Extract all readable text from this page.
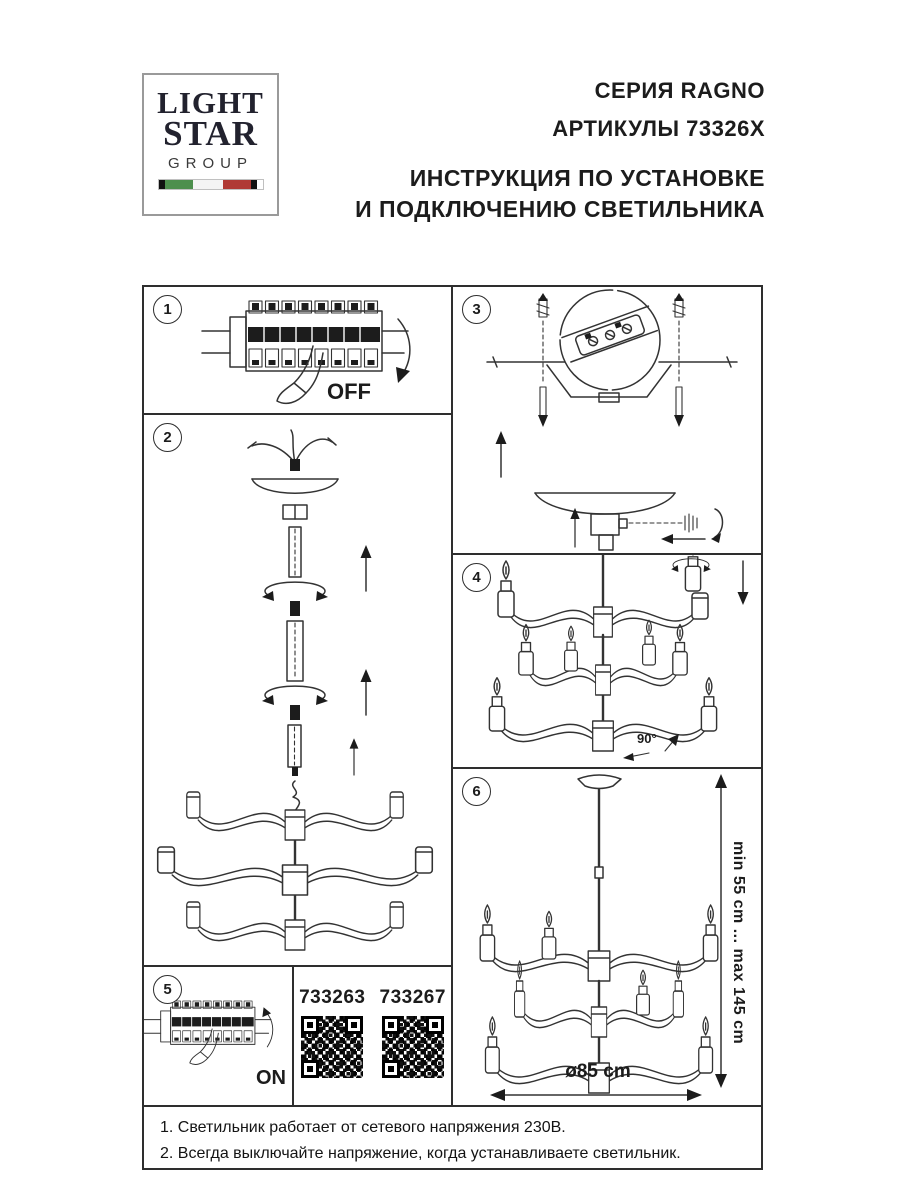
LIGHT
STAR
GROUP
СЕРИЯ RAGNO
АРТИКУЛЫ 73326X
ИНСТРУКЦИЯ ПО УСТАНОВКЕ
И ПОДКЛЮЧЕНИЮ СВЕТИЛЬНИКА
1
OFF
2
3
4
90°
5
ON
733263 733267
6
min 55 cm ... max 145 cm
ø85 cm
1. Светильник работает от сетевого напряжения 230В.
2. Всегда выключайте напряжение, когда устанавливаете светильник.
